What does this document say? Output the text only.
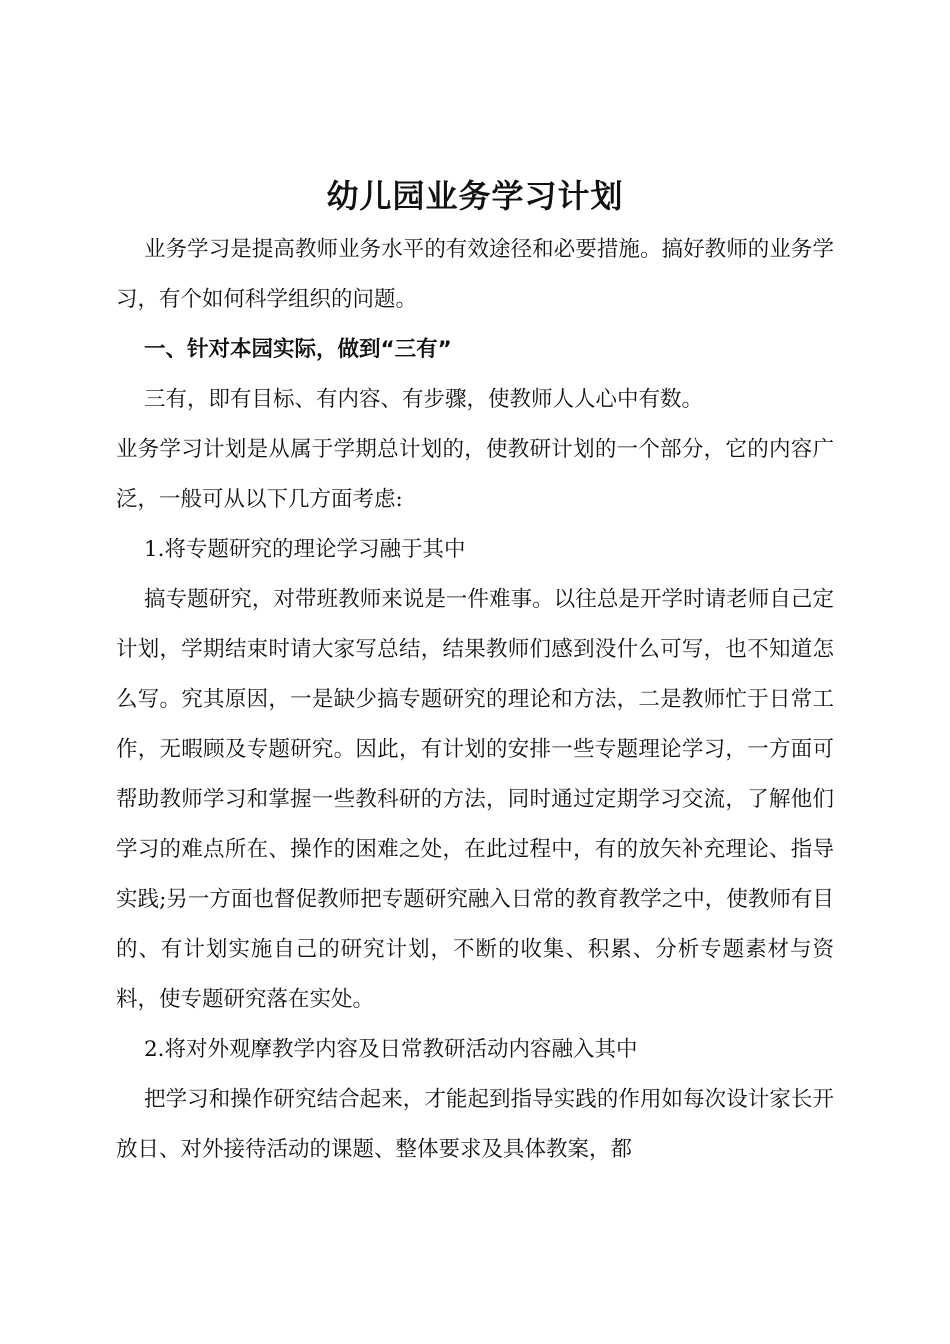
幼儿园业务学习计划

业务学习是提高教师业务水平的有效途径和必要措施。搞好教师的业务学习，有个如何科学组织的问题。

一、针对本园实际，做到“三有”

三有，即有目标、有内容、有步骤，使教师人人心中有数。

业务学习计划是从属于学期总计划的，使教研计划的一个部分，它的内容广泛，一般可从以下几方面考虑:

1.将专题研究的理论学习融于其中

搞专题研究，对带班教师来说是一件难事。以往总是开学时请老师自己定计划，学期结束时请大家写总结，结果教师们感到没什么可写，也不知道怎么写。究其原因，一是缺少搞专题研究的理论和方法，二是教师忙于日常工作，无暇顾及专题研究。因此，有计划的安排一些专题理论学习，一方面可帮助教师学习和掌握一些教科研的方法，同时通过定期学习交流，了解他们学习的难点所在、操作的困难之处，在此过程中，有的放矢补充理论、指导实践;另一方面也督促教师把专题研究融入日常的教育教学之中，使教师有目的、有计划实施自己的研究计划，不断的收集、积累、分析专题素材与资料，使专题研究落在实处。

2.将对外观摩教学内容及日常教研活动内容融入其中

把学习和操作研究结合起来，才能起到指导实践的作用如每次设计家长开放日、对外接待活动的课题、整体要求及具体教案，都
